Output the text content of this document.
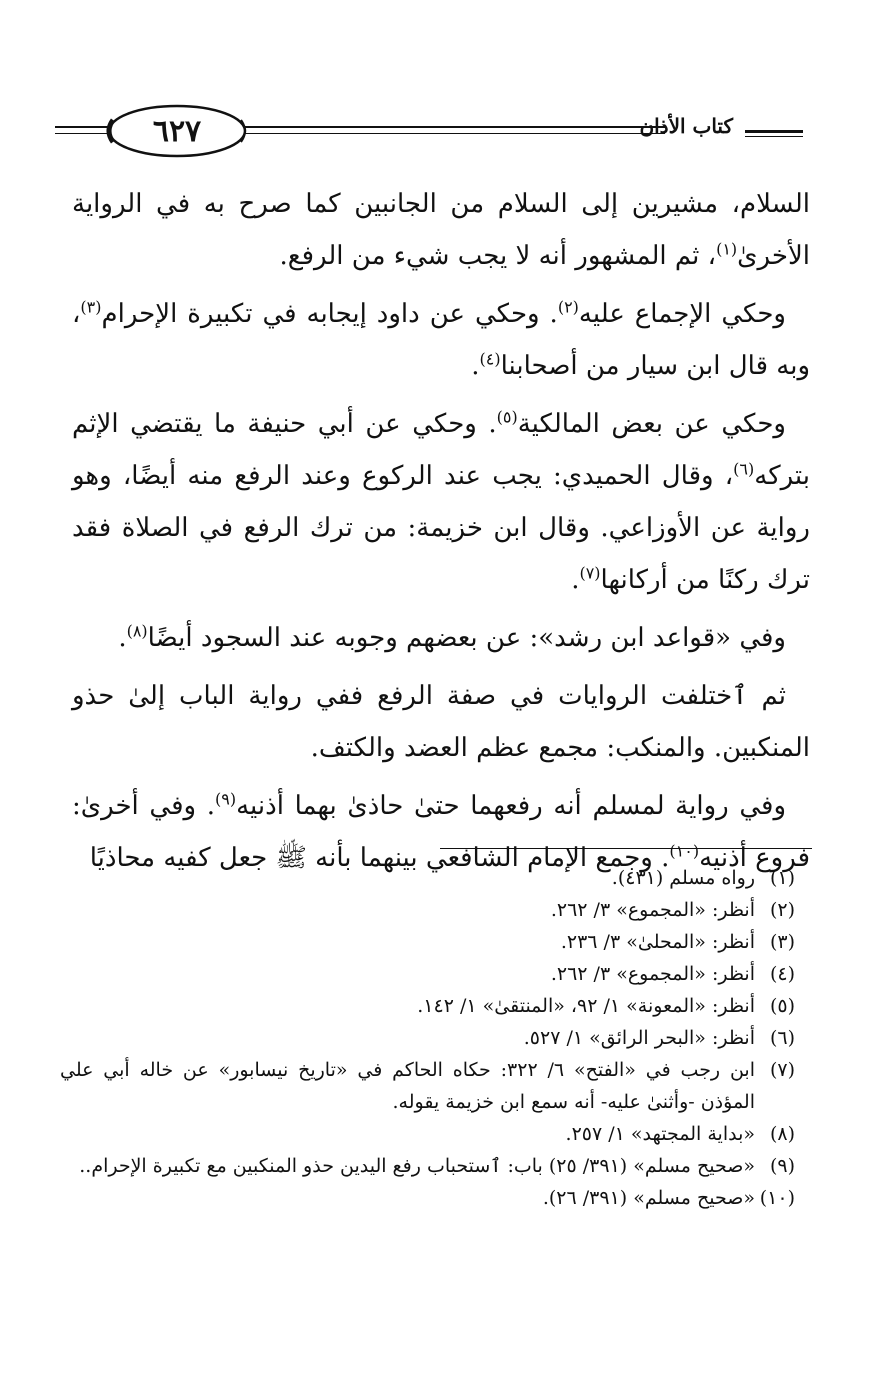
٦٢٧	كتاب الأذان

السلام، مشيرين إلى السلام من الجانبين كما صرح به في الرواية الأخرىٰ$^{(١)}$، ثم المشهور أنه لا يجب شيء من الرفع.

وحكي الإجماع عليه$^{(٢)}$. وحكي عن داود إيجابه في تكبيرة الإحرام$^{(٣)}$، وبه قال ابن سيار من أصحابنا$^{(٤)}$.

وحكي عن بعض المالكية$^{(٥)}$. وحكي عن أبي حنيفة ما يقتضي الإثم بتركه$^{(٦)}$، وقال الحميدي: يجب عند الركوع وعند الرفع منه أيضًا، وهو رواية عن الأوزاعي. وقال ابن خزيمة: من ترك الرفع في الصلاة فقد ترك ركنًا من أركانها$^{(٧)}$.

وفي «قواعد ابن رشد»: عن بعضهم وجوبه عند السجود أيضًا$^{(٨)}$.

ثم ٱختلفت الروايات في صفة الرفع ففي رواية الباب إلىٰ حذو المنكبين. والمنكب: مجمع عظم العضد والكتف.

وفي رواية لمسلم أنه رفعهما حتىٰ حاذىٰ بهما أذنيه$^{(٩)}$. وفي أخرىٰ: فروع أذنيه$^{(١٠)}$. وجمع الإمام الشافعي بينهما بأنه ﷺ جعل كفيه محاذيًا

(١)
رواه مسلم (٤٣١).
(٢)
أنظر: «المجموع» ٣/ ٢٦٢.
(٣)
أنظر: «المحلىٰ» ٣/ ٢٣٦.
(٤)
أنظر: «المجموع» ٣/ ٢٦٢.
(٥)
أنظر: «المعونة» ١/ ٩٢، «المنتقىٰ» ١/ ١٤٢.
(٦)
أنظر: «البحر الرائق» ١/ ٥٢٧.
(٧)
ابن رجب في «الفتح» ٦/ ٣٢٢: حكاه الحاكم في «تاريخ نيسابور» عن خاله أبي علي المؤذن -وأثنىٰ عليه- أنه سمع ابن خزيمة يقوله.
(٨)
«بداية المجتهد» ١/ ٢٥٧.
(٩)
«صحيح مسلم» (٣٩١/ ٢٥) باب: ٱستحباب رفع اليدين حذو المنكبين مع تكبيرة الإحرام..
(١٠)
«صحيح مسلم» (٣٩١/ ٢٦).
